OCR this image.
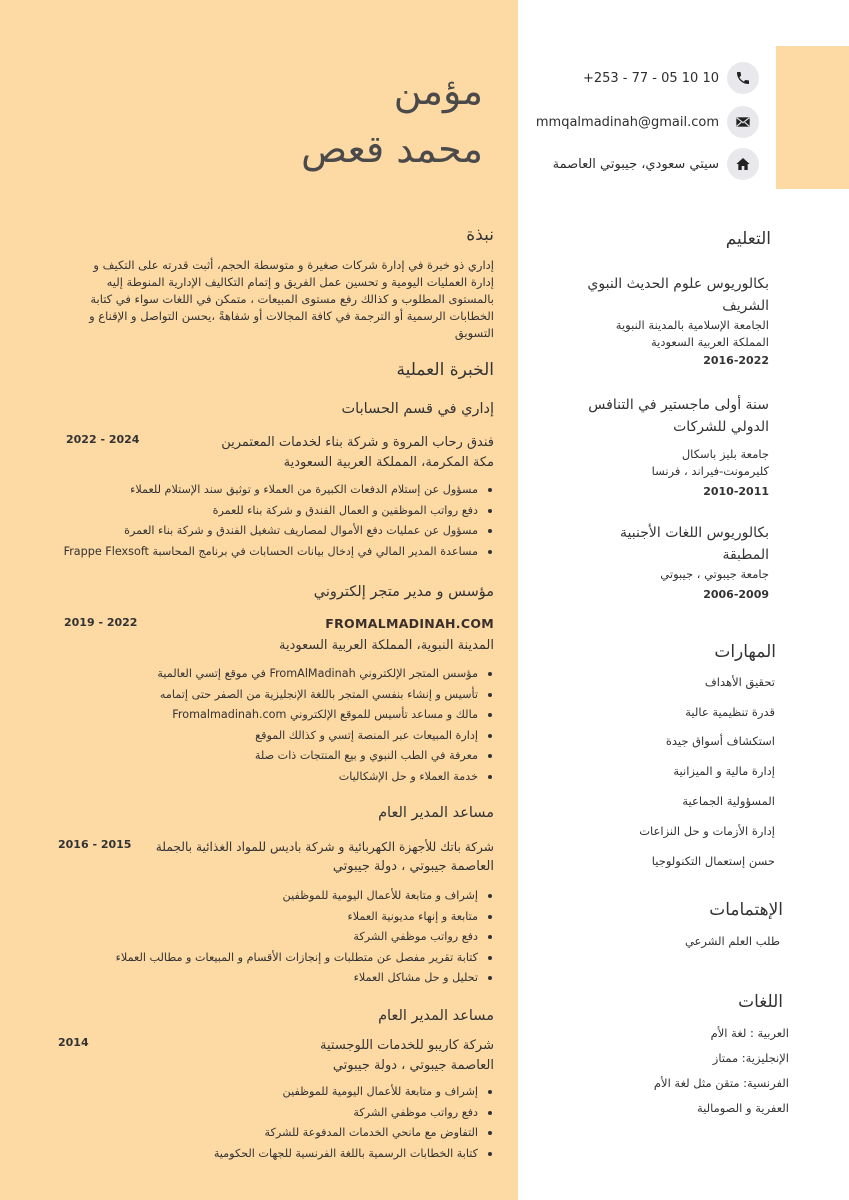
مؤمن
محمد قعص
+253 - 77 - 05 10 10
mmqalmadinah@gmail.com
سيتي سعودي، جيبوتي العاصمة
نبذة
إداري ذو خبرة في إدارة شركات صغيرة و متوسطة الحجم، أثبت قدرته على التكيف و إدارة العمليات اليومية و تحسين عمل الفريق و إتمام التكاليف الإدارية المنوطة إليه بالمستوى المطلوب و كذالك رفع مستوى المبيعات ، متمكن في اللغات سواء في كتابة الخطابات الرسمية أو الترجمة في كافة المجالات أو شفاهةً ،يحسن التواصل و الإقناع و التسويق
الخبرة العملية
إداري في قسم الحسابات
فندق رحاب المروة و شركة بناء لخدمات المعتمرين
مكة المكرمة، المملكة العربية السعودية
2022 - 2024
مسؤول عن إستلام الدفعات الكبيرة من العملاء و توثيق سند الإستلام للعملاء
دفع رواتب الموظفين و العمال الفندق و شركة بناء للعمرة
مسؤول عن عمليات دفع الأموال لمصاريف تشغيل الفندق و شركة بناء العمرة
مساعدة المدير المالي في إدخال بيانات الحسابات في برنامج المحاسبة Frappe Flexsoft
مؤسس و مدير متجر إلكتروني
FROMALMADINAH.COM
المدينة النبوية، المملكة العربية السعودية
2019 - 2022
مؤسس المتجر الإلكتروني FromAlMadinah في موقع إتسي العالمية
تأسيس و إنشاء بنفسي المتجر باللغة الإنجليزية من الصفر حتى إتمامه
مالك و مساعد تأسيس للموقع الإلكتروني Fromalmadinah.com
إدارة المبيعات عبر المنصة إتسي و كذالك الموقع
معرفة في الطب النبوي و بيع المنتجات ذات صلة
خدمة العملاء و حل الإشكاليات
مساعد المدير العام
شركة باتك للأجهزة الكهربائية و شركة باديس للمواد الغذائية بالجملة
العاصمة جيبوتي ، دولة جيبوتي
2016 - 2015
إشراف و متابعة للأعمال اليومية للموظفين
متابعة و إنهاء مديونية العملاء
دفع رواتب موظفي الشركة
كتابة تقرير مفصل عن متطلبات و إنجازات الأقسام و المبيعات و مطالب العملاء
تحليل و حل مشاكل العملاء
مساعد المدير العام
شركة كاريبو للخدمات اللوجستية
العاصمة جيبوتي ، دولة جيبوتي
2014
إشراف و متابعة للأعمال اليومية للموظفين
دفع رواتب موظفي الشركة
التفاوض مع مانحي الخدمات المدفوعة للشركة
كتابة الخطابات الرسمية باللغة الفرنسية للجهات الحكومية
التعليم
بكالوريوس علوم الحديث النبوي
الشريف
الجامعة الإسلامية بالمدينة النبوية
المملكة العربية السعودية
2016-2022
سنة أولى ماجستير في التنافس
الدولي للشركات
جامعة بليز باسكال
كليرمونت-فيراند ، فرنسا
2010-2011
بكالوريوس اللغات الأجنبية
المطبقة
جامعة جيبوتي ، جيبوتي
2006-2009
المهارات
تحقيق الأهداف
قدرة تنظيمية عالية
استكشاف أسواق جيدة
إدارة مالية و الميزانية
المسؤولية الجماعية
إدارة الأزمات و حل النزاعات
حسن إستعمال التكنولوجيا
الإهتمامات
طلب العلم الشرعي
اللغات
العربية : لغة الأم
الإنجليزية: ممتاز
الفرنسية: متقن مثل لغة الأم
العفرية و الصومالية
